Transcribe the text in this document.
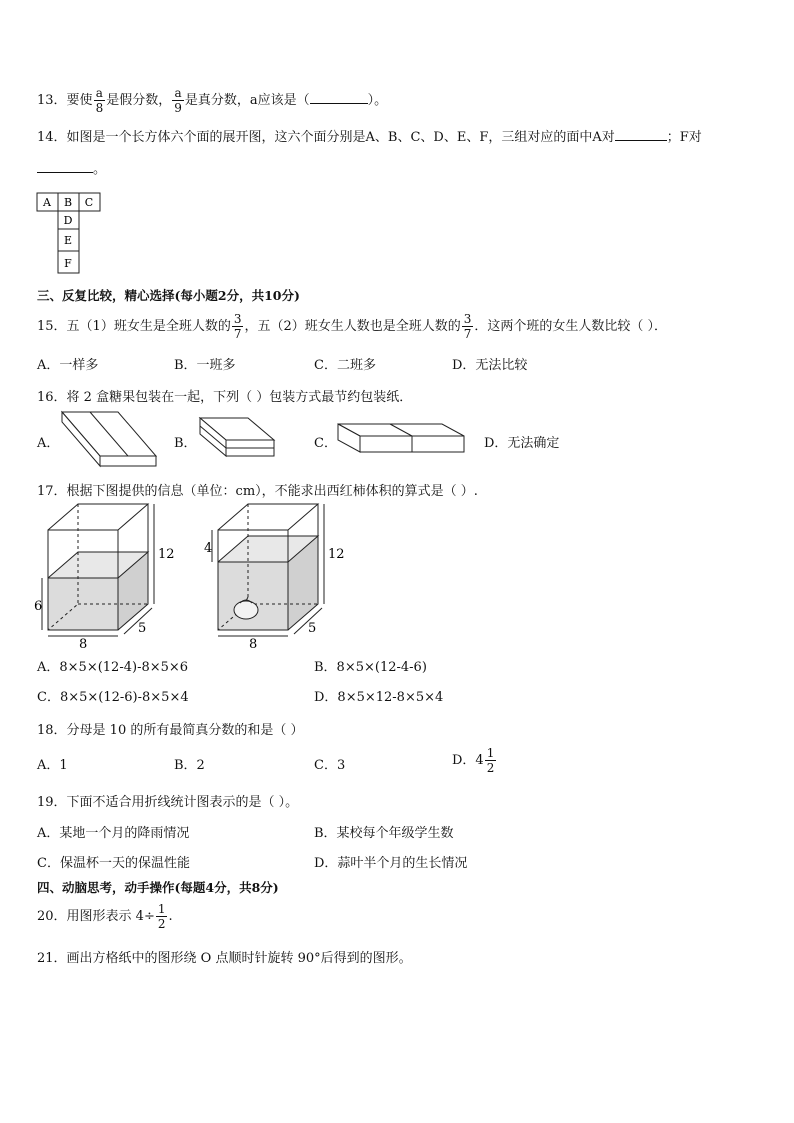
13．要使 $\frac{a}{8}$ 是假分数， $\frac{a}{9}$ 是真分数，a应该是（	）。
14．如图是一个长方体六个面的展开图，这六个面分别是A、B、C、D、E、F，三组对应的面中A对	；F对
。
A B C
D
E
F
三、反复比较，精心选择(每小题2分，共10分)
15．五（1）班女生是全班人数的 $\frac{3}{7}$ ，五（2）班女生人数也是全班人数的 $\frac{3}{7}$ ．这两个班的女生人数比较（ ）．
A．一样多	B．一班多	C．二班多	D．无法比较
16．将 2 盒糖果包装在一起，下列（ ）包装方式最节约包装纸．
A．	B．	C．	D．无法确定
17．根据下图提供的信息（单位：cm），不能求出西红柿体积的算式是（ ）.
12
6
8
5
4	12
8
5
A．8×5×(12-4)-8×5×6	B．8×5×(12-4-6)
C．8×5×(12-6)-8×5×4	D．8×5×12-8×5×4
18．分母是 10 的所有最简真分数的和是（ ）
A．1	B．2	C．3	D．$4 \frac{1}{2}$
19．下面不适合用折线统计图表示的是（ ）。
A．某地一个月的降雨情况	B．某校每个年级学生数
C．保温杯一天的保温性能	D．蒜叶半个月的生长情况
四、动脑思考，动手操作(每题4分，共8分)
20．用图形表示 $4\div \frac{1}{2}$ .
21．画出方格纸中的图形绕 O 点顺时针旋转 90°后得到的图形。
